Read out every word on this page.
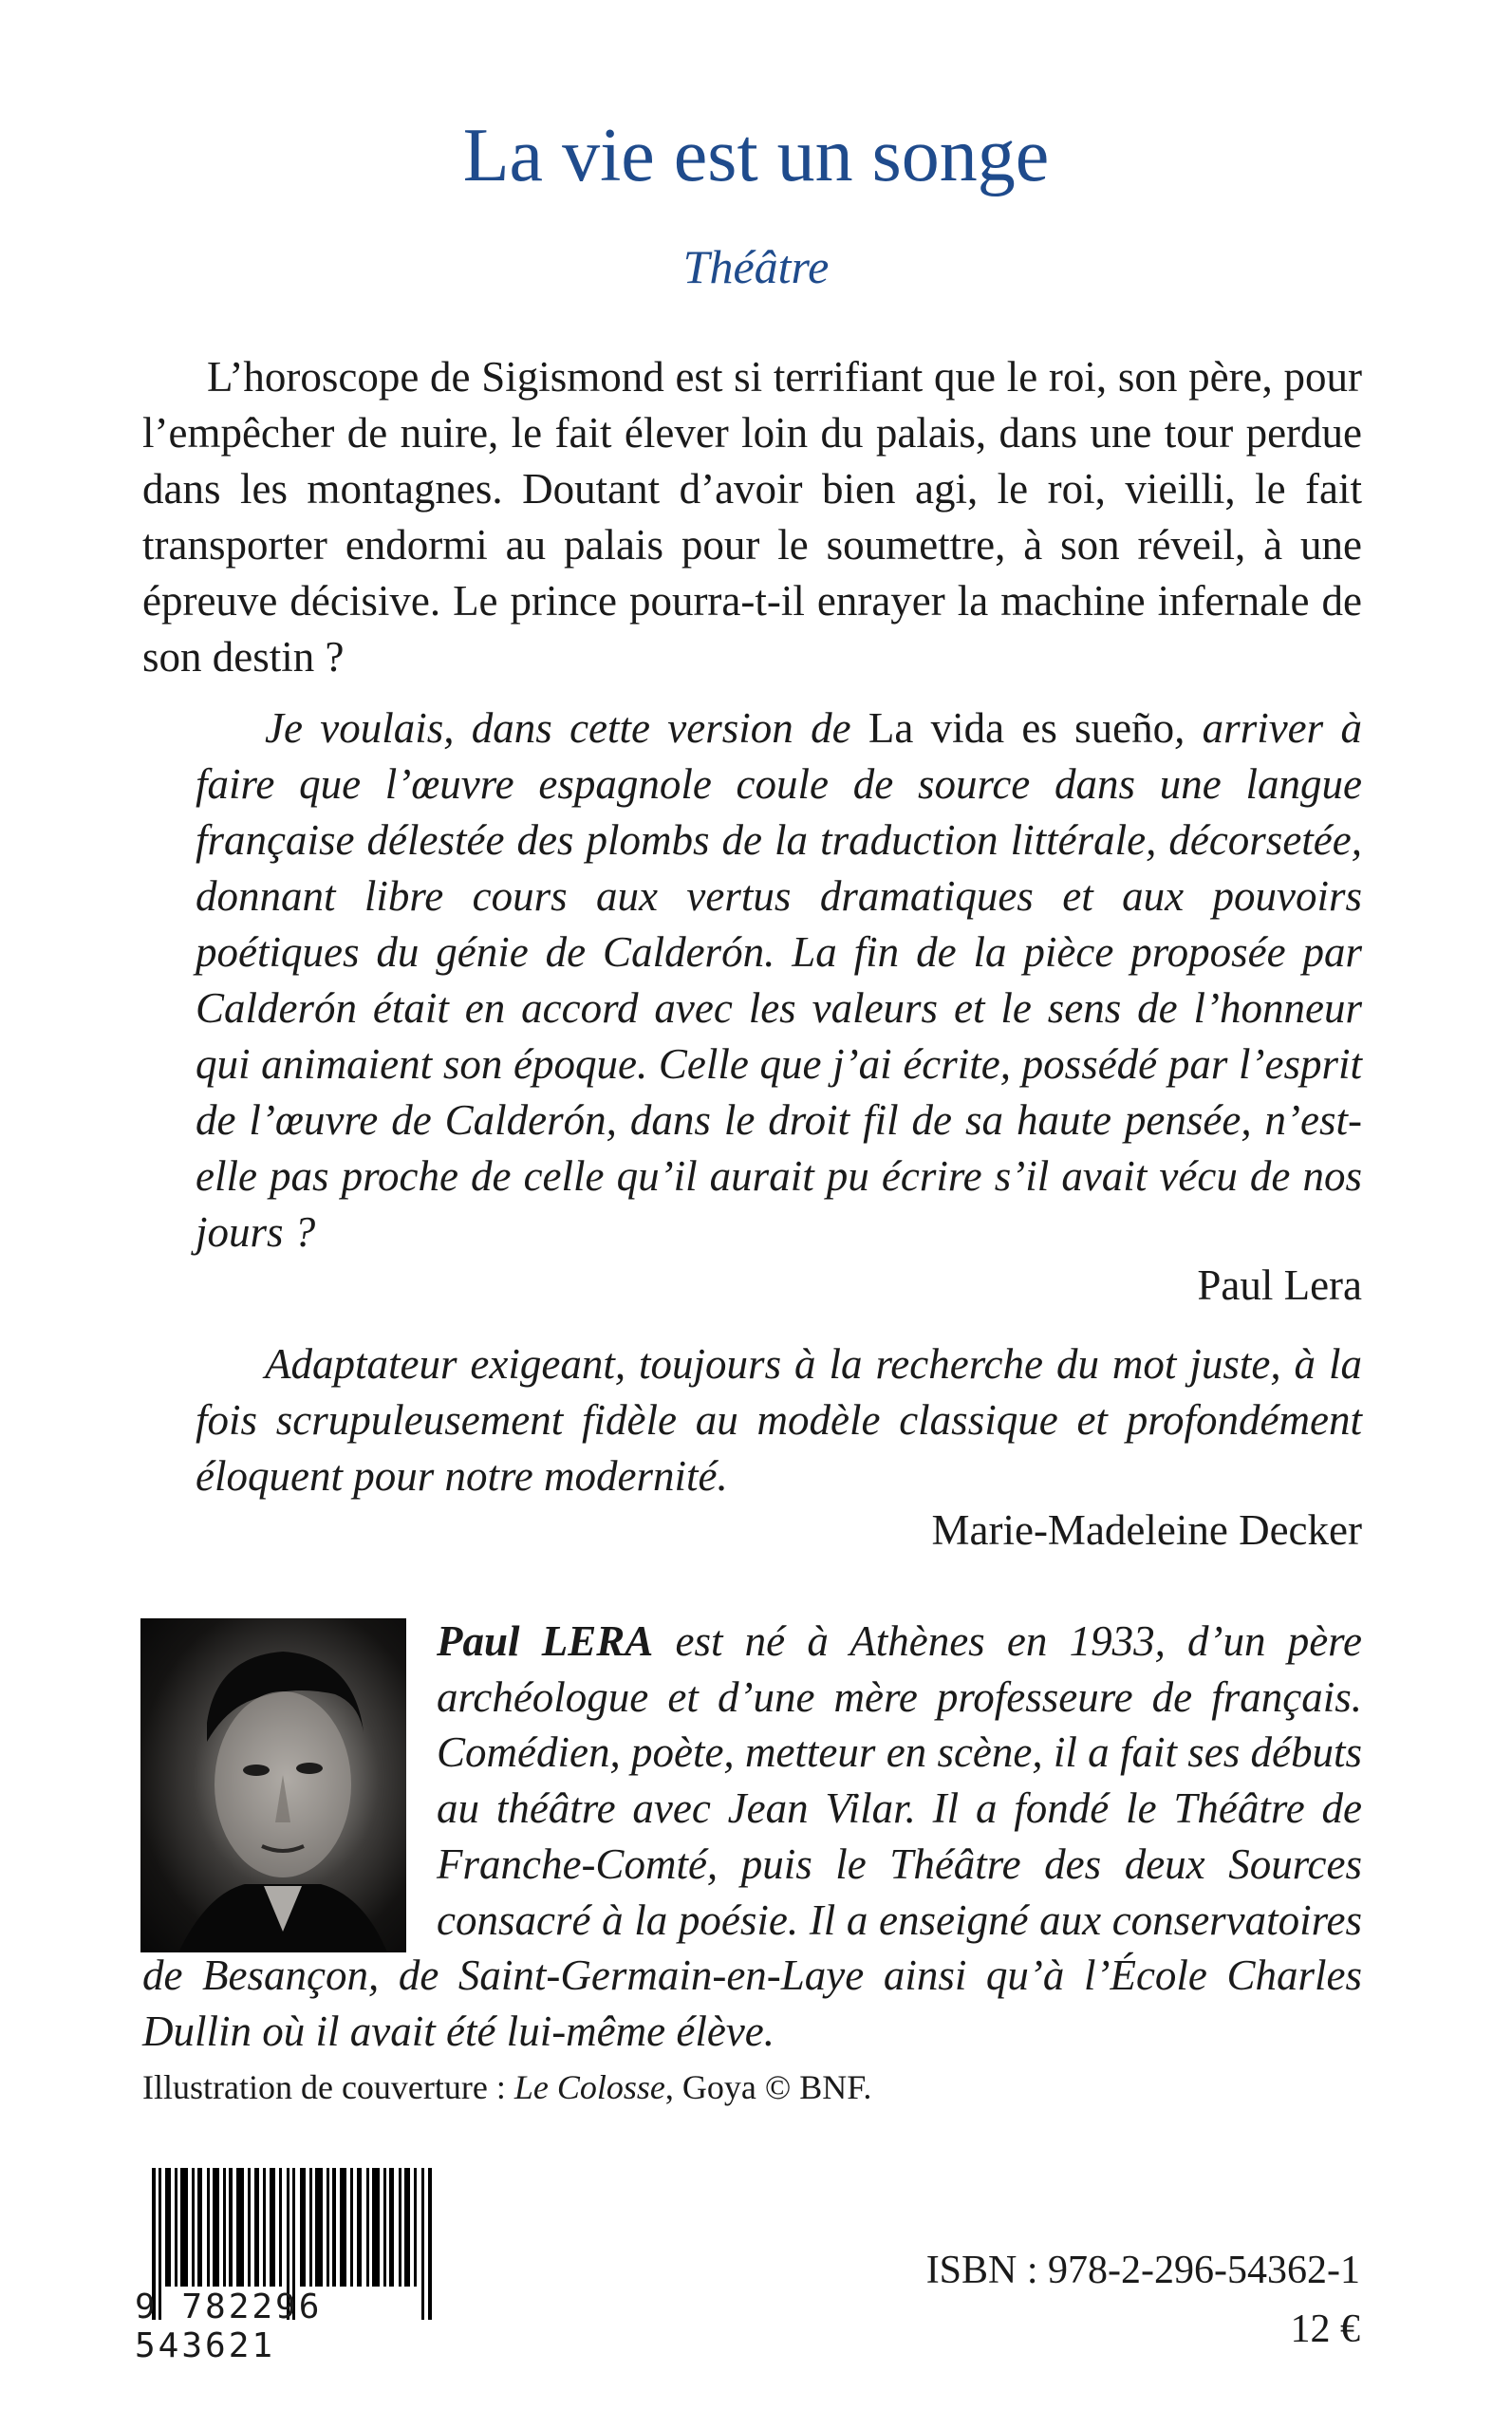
La vie est un songe
Théâtre

L’horoscope de Sigismond est si terrifiant que le roi, son père, pour l’empêcher de nuire, le fait élever loin du palais, dans une tour perdue dans les montagnes. Doutant d’avoir bien agi, le roi, vieilli, le fait transporter endormi au palais pour le soumettre, à son réveil, à une épreuve décisive. Le prince pourra-t-il enrayer la machine infernale de son destin ?

Je voulais, dans cette version de La vida es sueño, arriver à faire que l’œuvre espagnole coule de source dans une langue française délestée des plombs de la traduction littérale, décorsetée, donnant libre cours aux vertus dramatiques et aux pouvoirs poétiques du génie de Calderón. La fin de la pièce proposée par Calderón était en accord avec les valeurs et le sens de l’honneur qui animaient son époque. Celle que j’ai écrite, possédé par l’esprit de l’œuvre de Calderón, dans le droit fil de sa haute pensée, n’est-elle pas proche de celle qu’il aurait pu écrire s’il avait vécu de nos jours ?

Paul Lera

Adaptateur exigeant, toujours à la recherche du mot juste, à la fois scrupuleusement fidèle au modèle classique et profondément éloquent pour notre modernité.

Marie-Madeleine Decker

Paul LERA est né à Athènes en 1933, d’un père archéologue et d’une mère professeure de français. Comédien, poète, metteur en scène, il a fait ses débuts au théâtre avec Jean Vilar. Il a fondé le Théâtre de Franche-Comté, puis le Théâtre des deux Sources consacré à la poésie. Il a enseigné aux conservatoires de Besançon, de Saint-Germain-en-Laye ainsi qu’à l’École Charles Dullin où il avait été lui-même élève.

Illustration de couverture : Le Colosse, Goya © BNF.
9 782296 543621
ISBN : 978-2-296-54362-1
12 €
